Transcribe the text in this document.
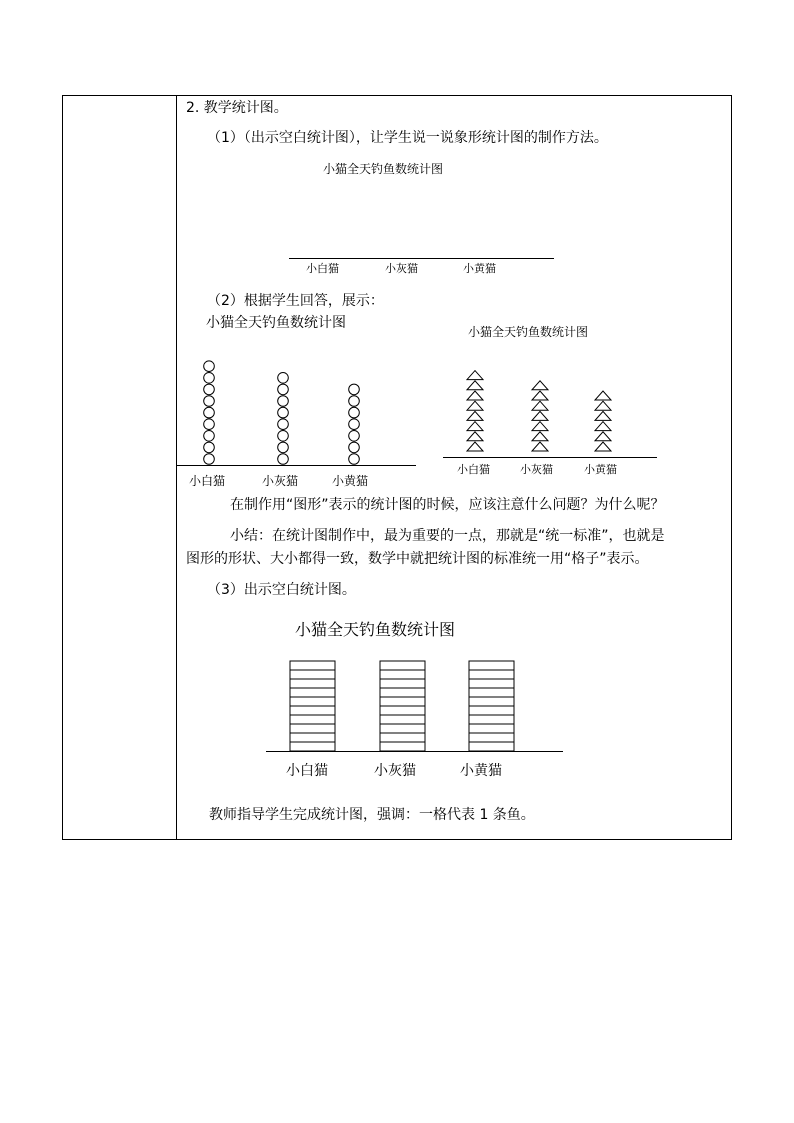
2. 教学统计图。
（1）（出示空白统计图），让学生说一说象形统计图的制作方法。
小猫全天钓鱼数统计图
小白猫	小灰猫	小黄猫
（2）根据学生回答，展示：
小猫全天钓鱼数统计图
小白猫	小灰猫	小黄猫
小猫全天钓鱼数统计图
小白猫	小灰猫	小黄猫
在制作用“图形”表示的统计图的时候，应该注意什么问题？为什么呢？
小结：在统计图制作中，最为重要的一点，那就是“统一标准”，也就是
图形的形状、大小都得一致，数学中就把统计图的标准统一用“格子”表示。
（3）出示空白统计图。
小猫全天钓鱼数统计图
小白猫	小灰猫	小黄猫
教师指导学生完成统计图，强调：一格代表 1 条鱼。
